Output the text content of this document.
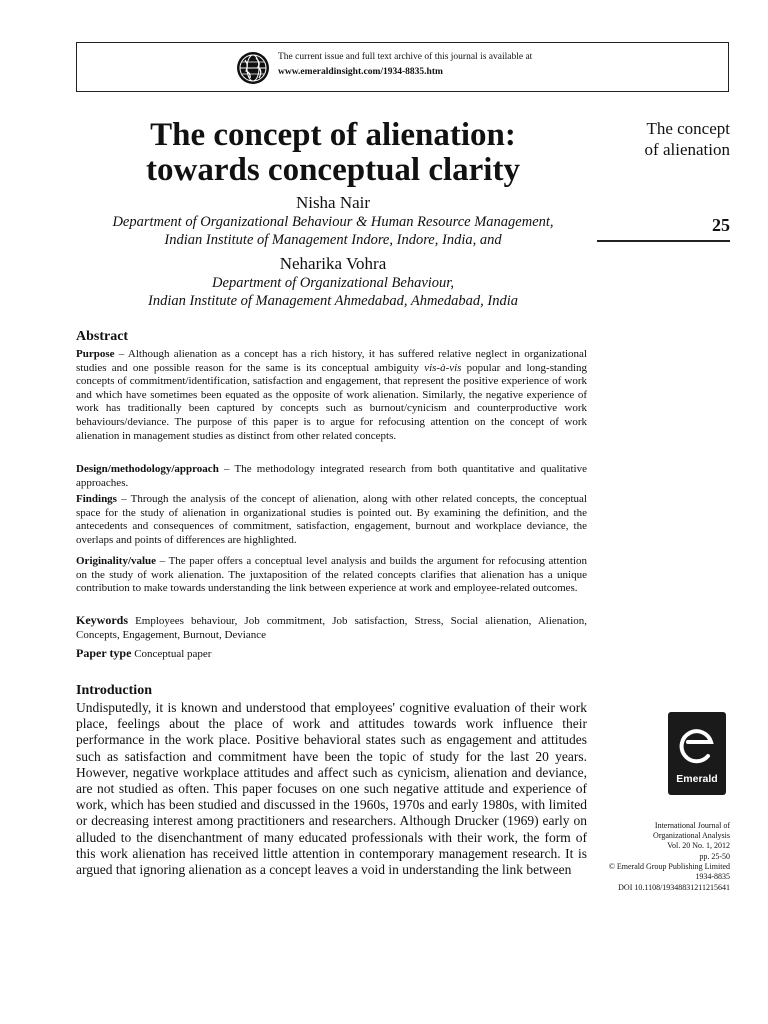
The current issue and full text archive of this journal is available at
www.emeraldinsight.com/1934-8835.htm
The concept of alienation:
towards conceptual clarity
Nisha Nair
Department of Organizational Behaviour & Human Resource Management,
Indian Institute of Management Indore, Indore, India, and
Neharika Vohra
Department of Organizational Behaviour,
Indian Institute of Management Ahmedabad, Ahmedabad, India
The concept
of alienation
25
Abstract
Purpose – Although alienation as a concept has a rich history, it has suffered relative neglect in organizational studies and one possible reason for the same is its conceptual ambiguity vis-à-vis popular and long-standing concepts of commitment/identification, satisfaction and engagement, that represent the positive experience of work and which have sometimes been equated as the opposite of work alienation. Similarly, the negative experience of work has traditionally been captured by concepts such as burnout/cynicism and counterproductive work behaviours/deviance. The purpose of this paper is to argue for refocusing attention on the concept of work alienation in management studies as distinct from other related concepts.
Design/methodology/approach – The methodology integrated research from both quantitative and qualitative approaches.
Findings – Through the analysis of the concept of alienation, along with other related concepts, the conceptual space for the study of alienation in organizational studies is pointed out. By examining the definition, and the antecedents and consequences of commitment, satisfaction, engagement, burnout and workplace deviance, the overlaps and points of differences are highlighted.
Originality/value – The paper offers a conceptual level analysis and builds the argument for refocusing attention on the study of work alienation. The juxtaposition of the related concepts clarifies that alienation has a unique contribution to make towards understanding the link between experience at work and employee-related outcomes.
Keywords Employees behaviour, Job commitment, Job satisfaction, Stress, Social alienation, Alienation, Concepts, Engagement, Burnout, Deviance
Paper type Conceptual paper
Introduction
Undisputedly, it is known and understood that employees' cognitive evaluation of their work place, feelings about the place of work and attitudes towards work influence their performance in the work place. Positive behavioral states such as engagement and attitudes such as satisfaction and commitment have been the topic of study for the last 20 years. However, negative workplace attitudes and affect such as cynicism, alienation and deviance, are not studied as often. This paper focuses on one such negative attitude and experience of work, which has been studied and discussed in the 1960s, 1970s and early 1980s, with limited or decreasing interest among practitioners and researchers. Although Drucker (1969) early on alluded to the disenchantment of many educated professionals with their work, the form of this work alienation has received little attention in contemporary management research. It is argued that ignoring alienation as a concept leaves a void in understanding the link between
Emerald
International Journal of
Organizational Analysis
Vol. 20 No. 1, 2012
pp. 25-50
© Emerald Group Publishing Limited
1934-8835
DOI 10.1108/19348831211215641
